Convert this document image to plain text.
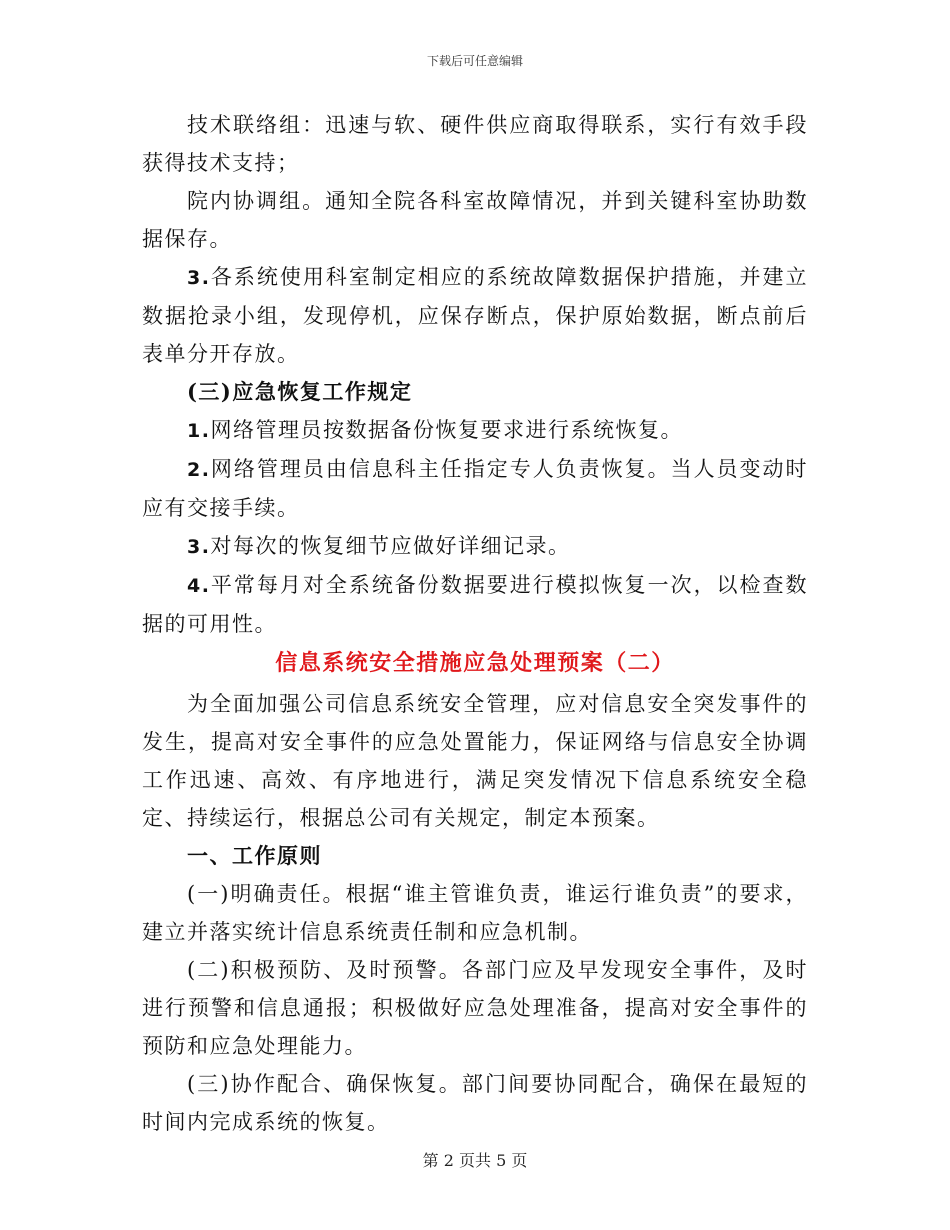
下载后可任意编辑

技术联络组：迅速与软、硬件供应商取得联系，实行有效手段获得技术支持；

院内协调组。通知全院各科室故障情况，并到关键科室协助数据保存。

3.各系统使用科室制定相应的系统故障数据保护措施，并建立数据抢录小组，发现停机，应保存断点，保护原始数据，断点前后表单分开存放。

(三)应急恢复工作规定

1.网络管理员按数据备份恢复要求进行系统恢复。

2.网络管理员由信息科主任指定专人负责恢复。当人员变动时应有交接手续。

3.对每次的恢复细节应做好详细记录。

4.平常每月对全系统备份数据要进行模拟恢复一次，以检查数据的可用性。

信息系统安全措施应急处理预案（二）

为全面加强公司信息系统安全管理，应对信息安全突发事件的发生，提高对安全事件的应急处置能力，保证网络与信息安全协调工作迅速、高效、有序地进行，满足突发情况下信息系统安全稳定、持续运行，根据总公司有关规定，制定本预案。

一、工作原则

(一)明确责任。根据“谁主管谁负责，谁运行谁负责”的要求，建立并落实统计信息系统责任制和应急机制。

(二)积极预防、及时预警。各部门应及早发现安全事件，及时进行预警和信息通报；积极做好应急处理准备，提高对安全事件的预防和应急处理能力。

(三)协作配合、确保恢复。部门间要协同配合，确保在最短的时间内完成系统的恢复。

第 2 页共 5 页
